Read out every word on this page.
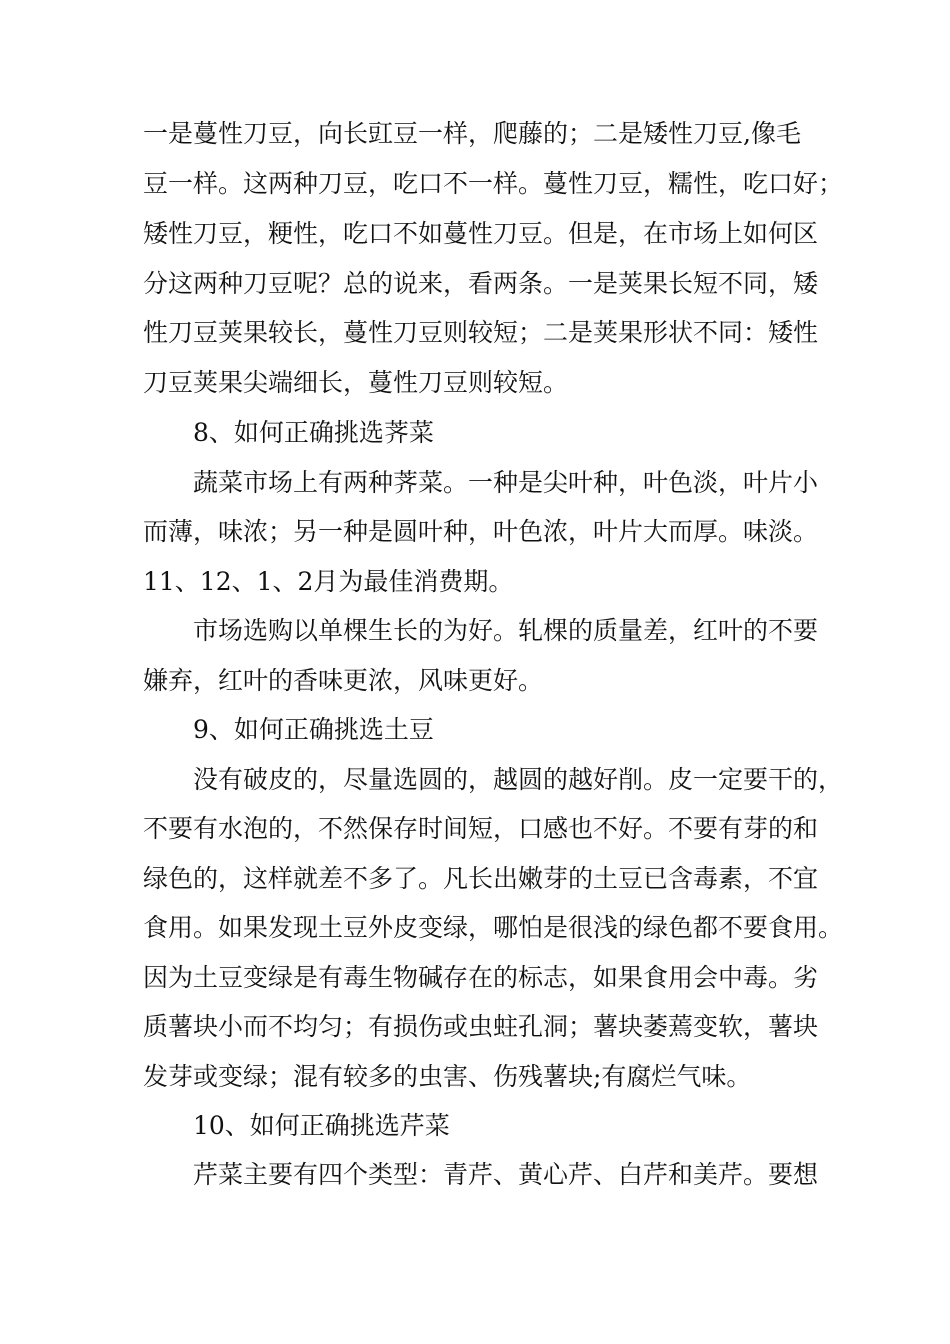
一是蔓性刀豆，向长豇豆一样，爬藤的；二是矮性刀豆,像毛
豆一样。这两种刀豆，吃口不一样。蔓性刀豆，糯性，吃口好；
矮性刀豆，粳性，吃口不如蔓性刀豆。但是，在市场上如何区
分这两种刀豆呢？总的说来，看两条。一是荚果长短不同，矮
性刀豆荚果较长，蔓性刀豆则较短；二是荚果形状不同：矮性
刀豆荚果尖端细长，蔓性刀豆则较短。
8、如何正确挑选荠菜
蔬菜市场上有两种荠菜。一种是尖叶种，叶色淡，叶片小
而薄，味浓；另一种是圆叶种，叶色浓，叶片大而厚。味淡。
11、12、1、2月为最佳消费期。
市场选购以单棵生长的为好。轧棵的质量差，红叶的不要
嫌弃，红叶的香味更浓，风味更好。
9、如何正确挑选土豆
没有破皮的，尽量选圆的，越圆的越好削。皮一定要干的，
不要有水泡的，不然保存时间短，口感也不好。不要有芽的和
绿色的，这样就差不多了。凡长出嫩芽的土豆已含毒素，不宜
食用。如果发现土豆外皮变绿，哪怕是很浅的绿色都不要食用。
因为土豆变绿是有毒生物碱存在的标志，如果食用会中毒。劣
质薯块小而不均匀；有损伤或虫蛀孔洞；薯块萎蔫变软，薯块
发芽或变绿；混有较多的虫害、伤残薯块;有腐烂气味。
10、如何正确挑选芹菜
芹菜主要有四个类型：青芹、黄心芹、白芹和美芹。要想
